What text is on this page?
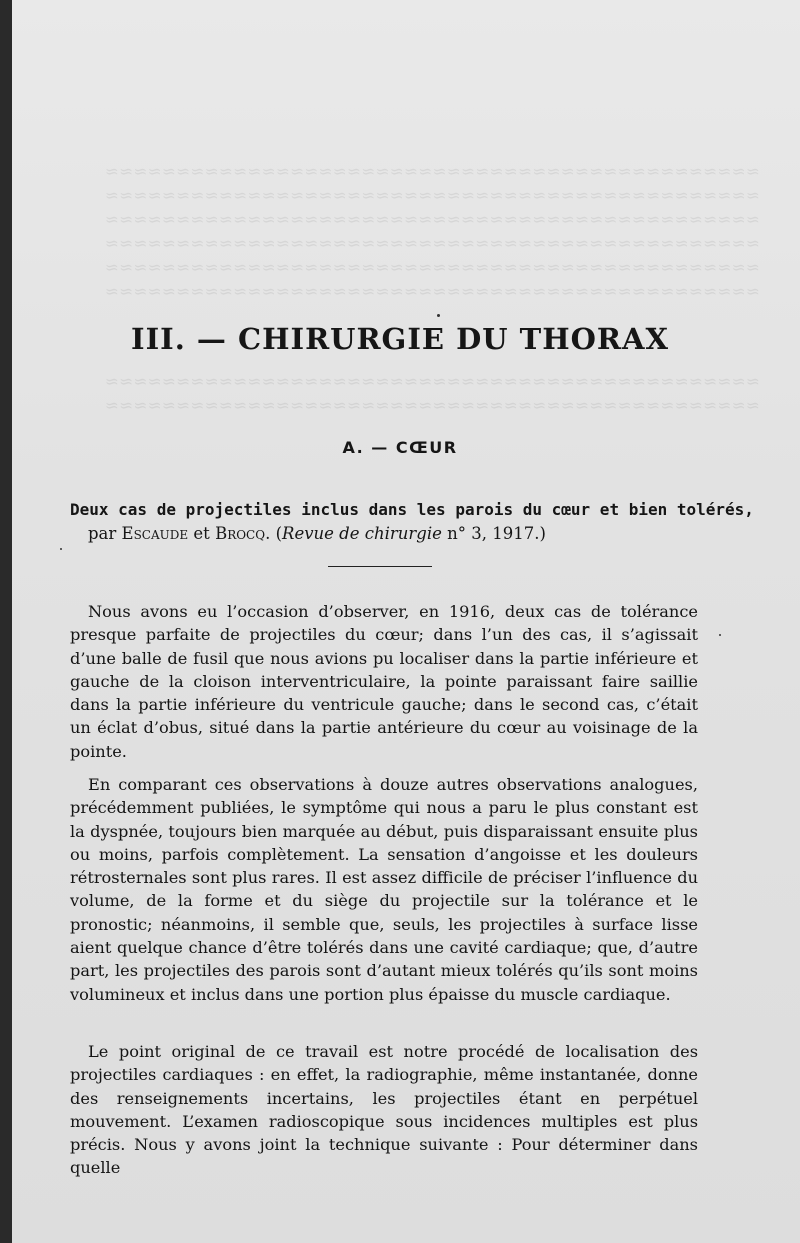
≈≈≈≈≈≈≈≈≈≈≈≈≈≈≈≈≈≈≈≈≈≈≈≈≈≈≈≈≈≈≈≈≈≈≈≈≈≈≈≈≈≈≈≈≈≈
≈≈≈≈≈≈≈≈≈≈≈≈≈≈≈≈≈≈≈≈≈≈≈≈≈≈≈≈≈≈≈≈≈≈≈≈≈≈≈≈≈≈≈≈≈≈
≈≈≈≈≈≈≈≈≈≈≈≈≈≈≈≈≈≈≈≈≈≈≈≈≈≈≈≈≈≈≈≈≈≈≈≈≈≈≈≈≈≈≈≈≈≈
≈≈≈≈≈≈≈≈≈≈≈≈≈≈≈≈≈≈≈≈≈≈≈≈≈≈≈≈≈≈≈≈≈≈≈≈≈≈≈≈≈≈≈≈≈≈
≈≈≈≈≈≈≈≈≈≈≈≈≈≈≈≈≈≈≈≈≈≈≈≈≈≈≈≈≈≈≈≈≈≈≈≈≈≈≈≈≈≈≈≈≈≈
≈≈≈≈≈≈≈≈≈≈≈≈≈≈≈≈≈≈≈≈≈≈≈≈≈≈≈≈≈≈≈≈≈≈≈≈≈≈≈≈≈≈≈≈≈≈
≈≈≈≈≈≈≈≈≈≈≈≈≈≈≈≈≈≈≈≈≈≈≈≈≈≈≈≈≈≈≈≈≈≈≈≈≈≈≈≈≈≈≈≈≈≈
≈≈≈≈≈≈≈≈≈≈≈≈≈≈≈≈≈≈≈≈≈≈≈≈≈≈≈≈≈≈≈≈≈≈≈≈≈≈≈≈≈≈≈≈≈≈
III. — CHIRURGIE DU THORAX
A. — CŒUR
Deux cas de projectiles inclus dans les parois du cœur et bien tolérés,
par Escaude et Brocq. (Revue de chirurgie n° 3, 1917.)

Nous avons eu l’occasion d’observer, en 1916, deux cas de tolérance presque parfaite de projectiles du cœur; dans l’un des cas, il s’agissait d’une balle de fusil que nous avions pu localiser dans la partie inférieure et gauche de la cloison interventriculaire, la pointe paraissant faire saillie dans la partie inférieure du ventricule gauche; dans le second cas, c’était un éclat d’obus, situé dans la partie antérieure du cœur au voisinage de la pointe.

En comparant ces observations à douze autres observations analogues, précédemment publiées, le symptôme qui nous a paru le plus constant est la dyspnée, toujours bien marquée au début, puis disparaissant ensuite plus ou moins, parfois complètement. La sensation d’angoisse et les douleurs rétrosternales sont plus rares. Il est assez difficile de préciser l’influence du volume, de la forme et du siège du projectile sur la tolérance et le pronostic; néanmoins, il semble que, seuls, les projectiles à surface lisse aient quelque chance d’être tolérés dans une cavité cardiaque; que, d’autre part, les projectiles des parois sont d’autant mieux tolérés qu’ils sont moins volumineux et inclus dans une portion plus épaisse du muscle cardiaque.

Le point original de ce travail est notre procédé de localisation des projectiles cardiaques : en effet, la radiographie, même instantanée, donne des renseignements incertains, les projectiles étant en perpétuel mouvement. L’examen radioscopique sous incidences multiples est plus précis. Nous y avons joint la technique suivante : Pour déterminer dans quelle
